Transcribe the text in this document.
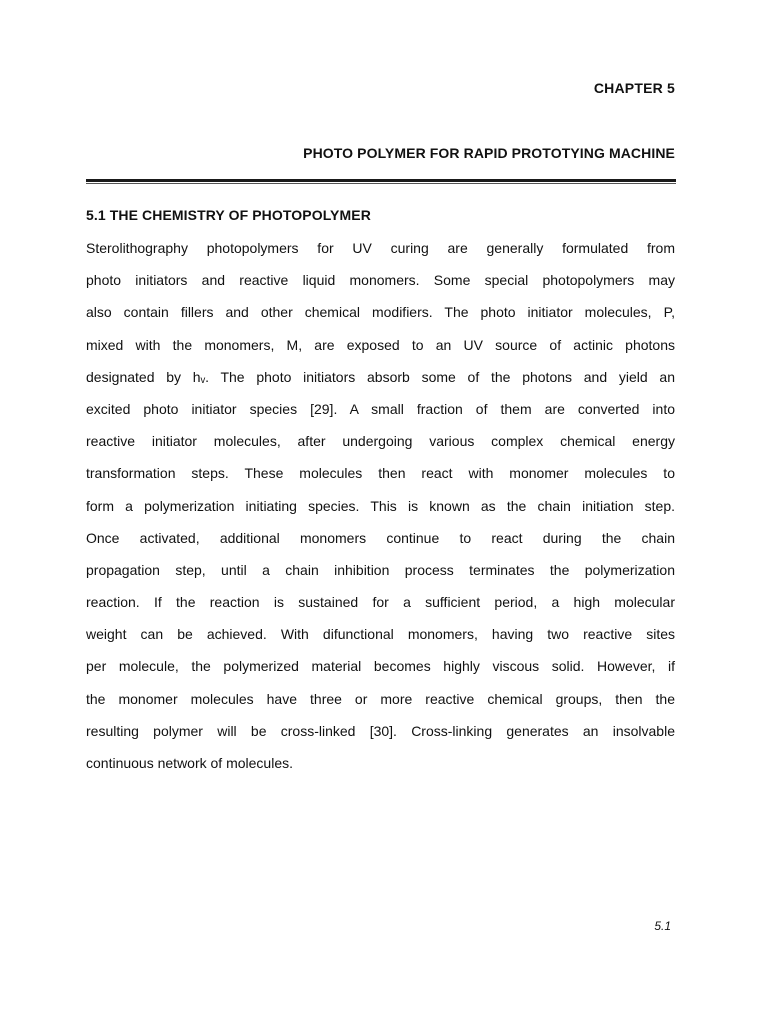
CHAPTER 5
PHOTO POLYMER FOR RAPID PROTOTYING MACHINE
5.1 THE CHEMISTRY OF PHOTOPOLYMER
Sterolithography photopolymers for UV curing are generally formulated from
photo initiators and reactive liquid monomers. Some special photopolymers may
also contain fillers and other chemical modifiers. The photo initiator molecules, P,
mixed with the monomers, M, are exposed to an UV source of actinic photons
designated by hᵥ. The photo initiators absorb some of the photons and yield an
excited photo initiator species [29]. A small fraction of them are converted into
reactive initiator molecules, after undergoing various complex chemical energy
transformation steps. These molecules then react with monomer molecules to
form a polymerization initiating species. This is known as the chain initiation step.
Once activated, additional monomers continue to react during the chain
propagation step, until a chain inhibition process terminates the polymerization
reaction. If the reaction is sustained for a sufficient period, a high molecular
weight can be achieved. With difunctional monomers, having two reactive sites
per molecule, the polymerized material becomes highly viscous solid. However, if
the monomer molecules have three or more reactive chemical groups, then the
resulting polymer will be cross-linked [30]. Cross-linking generates an insolvable
continuous network of molecules.
5.1
